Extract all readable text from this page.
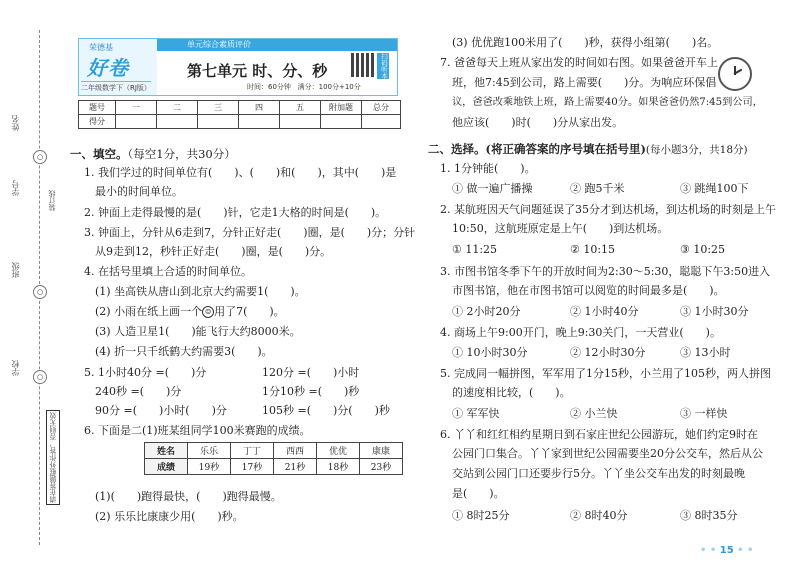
○
○
○
姓名
学号
班级
学校
请在答题框外作答，否则无效
装订线
荣德基
好卷
二年级数学下（RJ版）
单元综合素质评价
第七单元 时、分、秒	扫码听本
时间：60分钟 满分：100分+10分
题号	一	二	三	四	五	附加题	总分
得分							
一、填空。（每空1分，共30分）
1. 我们学过的时间单位有(　　)、(　　)和(　　)，其中(　　)是
最小的时间单位。
2. 钟面上走得最慢的是(　　)针，它走1大格的时间是(　　)。
3. 钟面上，分针从6走到7，分针正好走(　　)圈，是(　　)分；分针
从9走到12，秒针正好走(　　)圈，是(　　)分。
4. 在括号里填上合适的时间单位。
(1) 坐高铁从唐山到北京大约需要1(　　)。
(2) 小雨在纸上画一个 ☺ 用了7(　　)。
(3) 人造卫星1(　　)能飞行大约8000米。
(4) 折一只千纸鹤大约需要3(　　)。
5. 1小时40分 =(　　)分	120分 =(　　)小时
240秒 =(　　)分	1分10秒 =(　　)秒
90分 =(　　)小时(　　)分	105秒 =(　　)分(　　)秒
6. 下面是二(1)班某组同学100米赛跑的成绩。
姓名	乐乐	丁丁	西西	优优	康康
成绩	19秒	17秒	21秒	18秒	23秒
(1)(　　)跑得最快，(　　)跑得最慢。
(2) 乐乐比康康少用(　　)秒。
(3) 优优跑100米用了(　　)秒，获得小组第(　　)名。
7. 爸爸每天上班从家出发的时间如右图。如果爸爸开车上
班，他7:45到公司，路上需要(　　)分。为响应环保倡
议，爸爸改乘地铁上班，路上需要40分。如果爸爸仍然7:45到公司，
他应该(　　)时(　　)分从家出发。
二、选择。(将正确答案的序号填在括号里)(每小题3分，共18分)
1. 1分钟能(　　)。
① 做一遍广播操	② 跑5千米	③ 跳绳100下
2. 某航班因天气问题延误了35分才到达机场，到达机场的时刻是上午
10:50，这航班原定是上午(　　)到达机场。
① 11:25	② 10:15	③ 10:25
3. 市图书馆冬季下午的开放时间为2:30～5:30，聪聪下午3:50进入
市图书馆，他在市图书馆可以阅览的时间最多是(　　)。
① 2小时20分	② 1小时40分	③ 1小时30分
4. 商场上午9:00开门，晚上9:30关门，一天营业(　　)。
① 10小时30分	② 12小时30分	③ 13小时
5. 完成同一幅拼图，军军用了1分15秒，小兰用了105秒，两人拼图
的速度相比较，(　　)。
① 军军快	② 小兰快	③ 一样快
6. 丫丫和红红相约星期日到石家庄世纪公园游玩，她们约定9时在
公园门口集合。丫丫家到世纪公园需要坐20分公交车，然后从公
交站到公园门口还要步行5分。丫丫坐公交车出发的时刻最晚
是(　　)。
① 8时25分	② 8时40分	③ 8时35分
• • 15 • •
